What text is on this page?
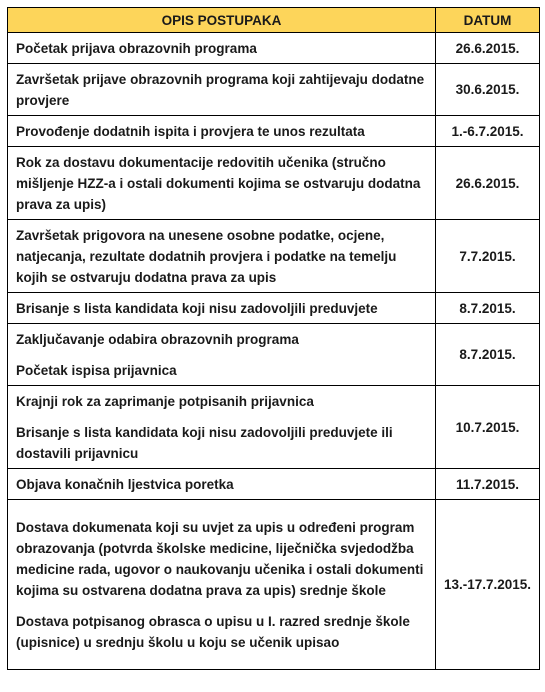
OPIS POSTUPAKA	DATUM

Početak prijava obrazovnih programa	26.6.2015.

Završetak prijave obrazovnih programa koji zahtijevaju dodatne provjere	30.6.2015.

Provođenje dodatnih ispita i provjera te unos rezultata	1.-6.7.2015.

Rok za dostavu dokumentacije redovitih učenika (stručno mišljenje HZZ-a i ostali dokumenti kojima se ostvaruju dodatna prava za upis)	26.6.2015.

Završetak prigovora na unesene osobne podatke, ocjene, natjecanja, rezultate dodatnih provjera i podatke na temelju kojih se ostvaruju dodatna prava za upis	7.7.2015.

Brisanje s lista kandidata koji nisu zadovoljili preduvjete	8.7.2015.

Zaključavanje odabira obrazovnih programa
Početak ispisa prijavnica	8.7.2015.

Krajnji rok za zaprimanje potpisanih prijavnica
Brisanje s lista kandidata koji nisu zadovoljili preduvjete ili dostavili prijavnicu	10.7.2015.

Objava konačnih ljestvica poretka	11.7.2015.

Dostava dokumenata koji su uvjet za upis u određeni program obrazovanja (potvrda školske medicine, liječnička svjedodžba medicine rada, ugovor o naukovanju učenika i ostali dokumenti kojima su ostvarena dodatna prava za upis) srednje škole
Dostava potpisanog obrasca o upisu u I. razred srednje škole (upisnice) u srednju školu u koju se učenik upisao	13.-17.7.2015.
